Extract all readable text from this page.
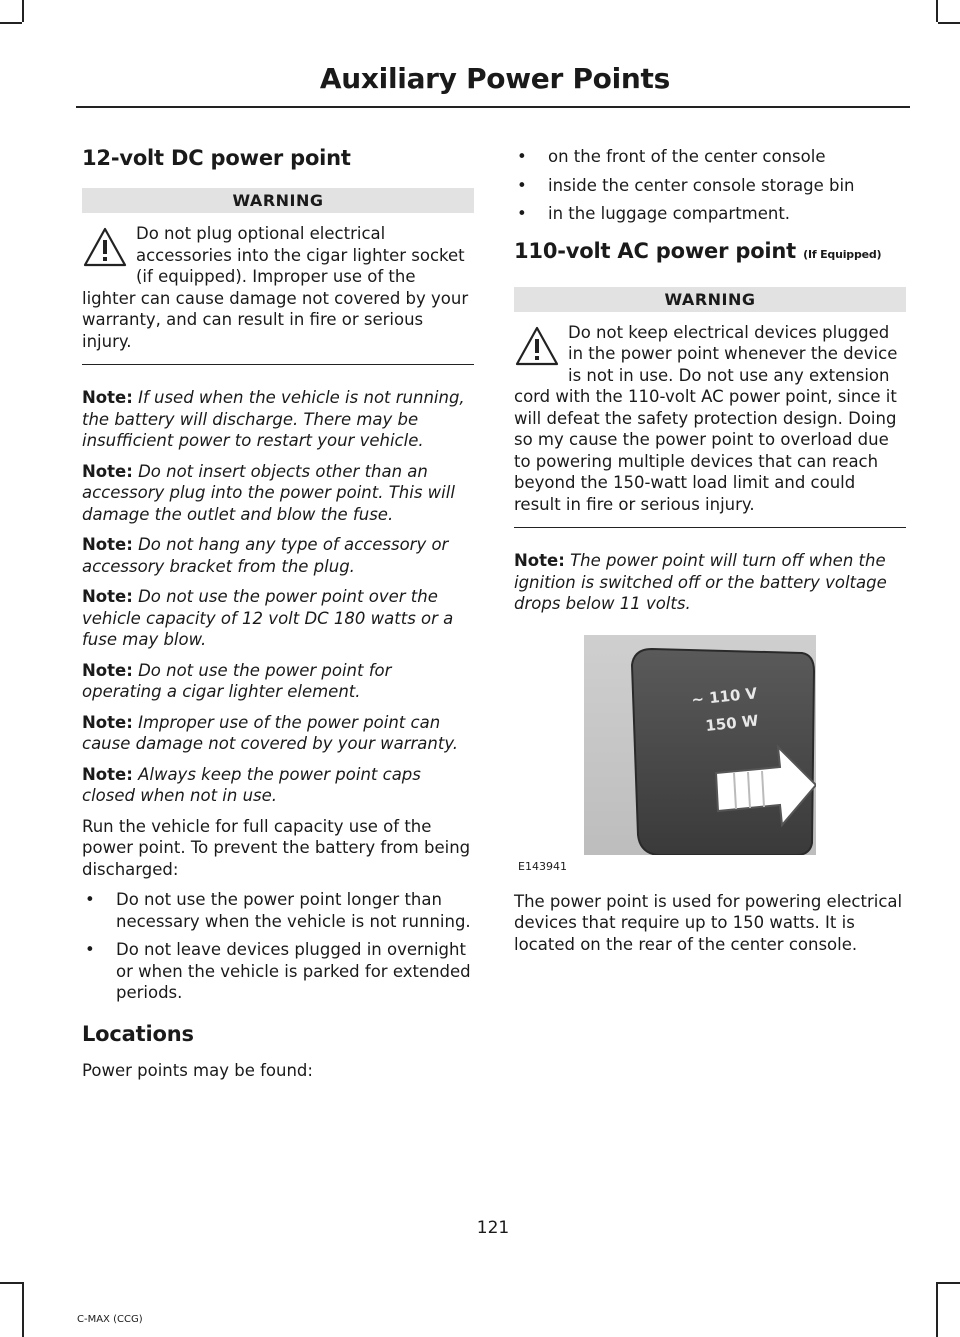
Auxiliary Power Points
12-volt DC power point
WARNING
Do not plug optional electrical accessories into the cigar lighter socket (if equipped). Improper use of the lighter can cause damage not covered by your warranty, and can result in fire or serious injury.

Note: If used when the vehicle is not running, the battery will discharge. There may be insufficient power to restart your vehicle.

Note: Do not insert objects other than an accessory plug into the power point. This will damage the outlet and blow the fuse.

Note: Do not hang any type of accessory or accessory bracket from the plug.

Note: Do not use the power point over the vehicle capacity of 12 volt DC 180 watts or a fuse may blow.

Note: Do not use the power point for operating a cigar lighter element.

Note: Improper use of the power point can cause damage not covered by your warranty.

Note: Always keep the power point caps closed when not in use.

Run the vehicle for full capacity use of the power point. To prevent the battery from being discharged:

• Do not use the power point longer than necessary when the vehicle is not running.
• Do not leave devices plugged in overnight or when the vehicle is parked for extended periods.
Locations

Power points may be found:

• on the front of the center console
• inside the center console storage bin
• in the luggage compartment.
110-volt AC power point (If Equipped)
WARNING
Do not keep electrical devices plugged in the power point whenever the device is not in use. Do not use any extension cord with the 110-volt AC power point, since it will defeat the safety protection design. Doing so my cause the power point to overload due to powering multiple devices that can reach beyond the 150-watt load limit and could result in fire or serious injury.

Note: The power point will turn off when the ignition is switched off or the battery voltage drops below 11 volts.

~ 110 V
150 W
E143941

The power point is used for powering electrical devices that require up to 150 watts. It is located on the rear of the center console.

121
C-MAX (CCG)
